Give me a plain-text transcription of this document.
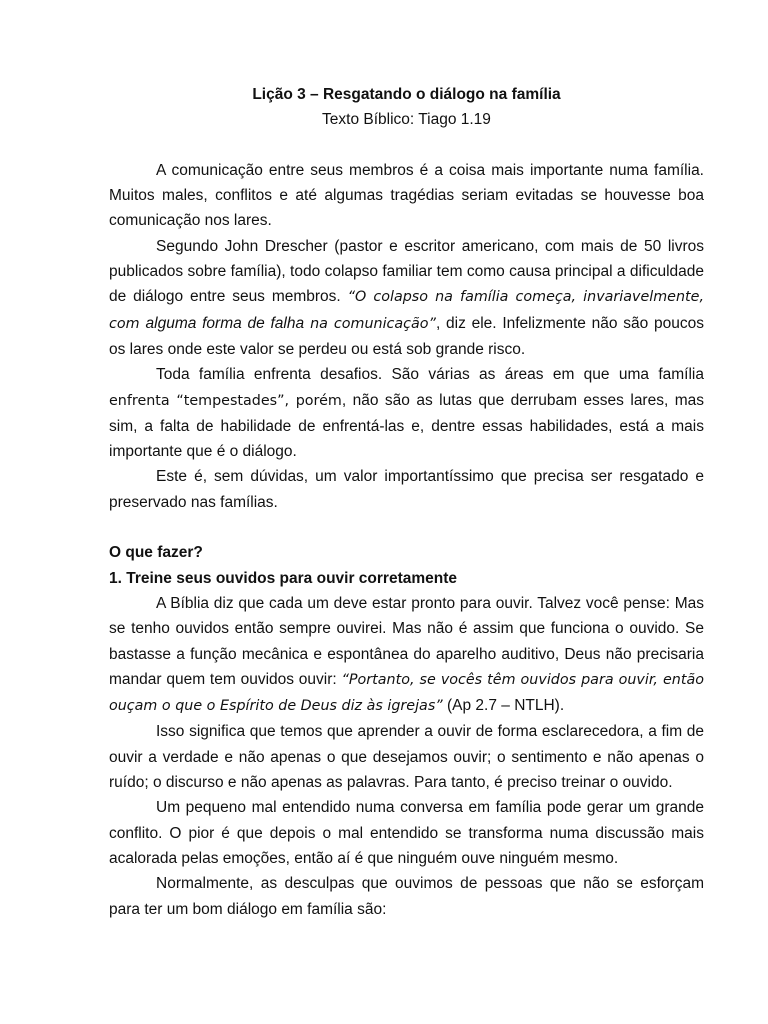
Lição 3 – Resgatando o diálogo na família

Texto Bíblico: Tiago 1.19

A comunicação entre seus membros é a coisa mais importante numa família. Muitos males, conflitos e até algumas tragédias seriam evitadas se houvesse boa comunicação nos lares.

Segundo John Drescher (pastor e escritor americano, com mais de 50 livros publicados sobre família), todo colapso familiar tem como causa principal a dificuldade de diálogo entre seus membros. “O colapso na família começa, invariavelmente, com alguma forma de falha na comunicação”, diz ele. Infelizmente não são poucos os lares onde este valor se perdeu ou está sob grande risco.

Toda família enfrenta desafios. São várias as áreas em que uma família enfrenta “tempestades”, porém, não são as lutas que derrubam esses lares, mas sim, a falta de habilidade de enfrentá-las e, dentre essas habilidades, está a mais importante que é o diálogo.

Este é, sem dúvidas, um valor importantíssimo que precisa ser resgatado e preservado nas famílias.

O que fazer?

1. Treine seus ouvidos para ouvir corretamente

A Bíblia diz que cada um deve estar pronto para ouvir. Talvez você pense: Mas se tenho ouvidos então sempre ouvirei. Mas não é assim que funciona o ouvido. Se bastasse a função mecânica e espontânea do aparelho auditivo, Deus não precisaria mandar quem tem ouvidos ouvir: “Portanto, se vocês têm ouvidos para ouvir, então ouçam o que o Espírito de Deus diz às igrejas” (Ap 2.7 – NTLH).

Isso significa que temos que aprender a ouvir de forma esclarecedora, a fim de ouvir a verdade e não apenas o que desejamos ouvir; o sentimento e não apenas o ruído; o discurso e não apenas as palavras. Para tanto, é preciso treinar o ouvido.

Um pequeno mal entendido numa conversa em família pode gerar um grande conflito. O pior é que depois o mal entendido se transforma numa discussão mais acalorada pelas emoções, então aí é que ninguém ouve ninguém mesmo.

Normalmente, as desculpas que ouvimos de pessoas que não se esforçam para ter um bom diálogo em família são:
